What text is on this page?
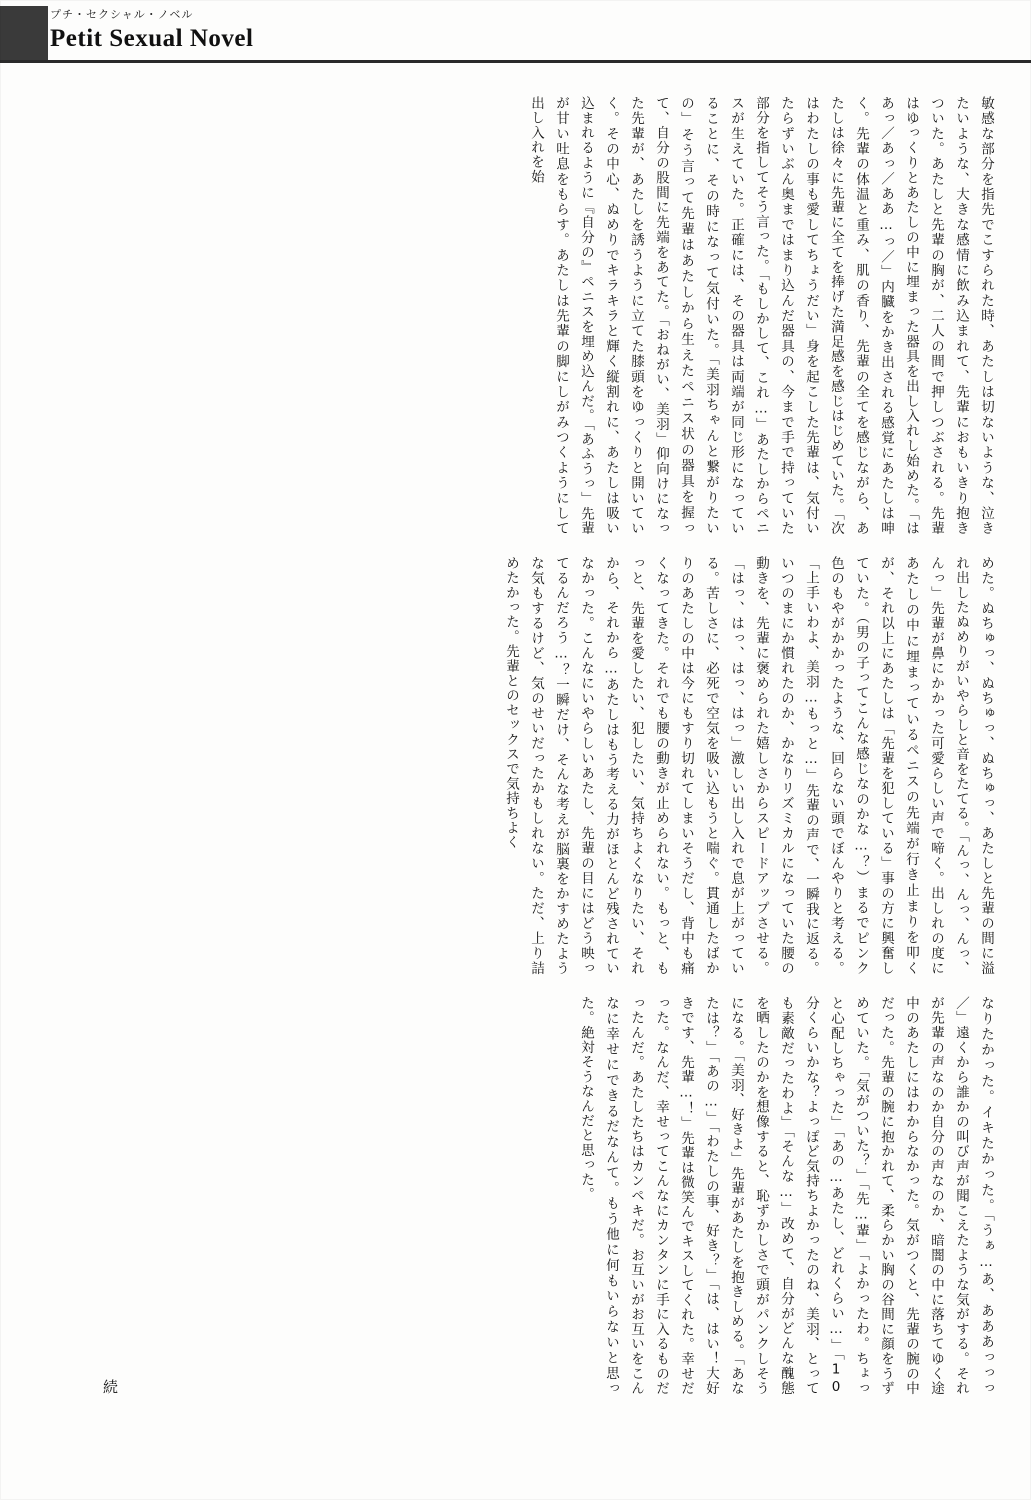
プチ・セクシャル・ノベル
Petit Sexual Novel
敏感な部分を指先でこすられた時、あたしは切ないような、泣きたいような、大きな感情に飲み込まれて、先輩におもいきり抱きついた。あたしと先輩の胸が、二人の間で押しつぶされる。先輩はゆっくりとあたしの中に埋まった器具を出し入れし始めた。「はあっ／あっ／ああ…っ／」内臓をかき出される感覚にあたしは呻く。先輩の体温と重み、肌の香り、先輩の全てを感じながら、あたしは徐々に先輩に全てを捧げた満足感を感じはじめていた。「次はわたしの事も愛してちょうだい」身を起こした先輩は、気付いたらずいぶん奥まではまり込んだ器具の、今まで手で持っていた部分を指してそう言った。「もしかして、これ…」あたしからペニスが生えていた。正確には、その器具は両端が同じ形になっていることに、その時になって気付いた。「美羽ちゃんと繋がりたいの」そう言って先輩はあたしから生えたペニス状の器具を握って、自分の股間に先端をあてた。「おねがい、美羽」仰向けになった先輩が、あたしを誘うように立てた膝頭をゆっくりと開いていく。その中心、ぬめりでキラキラと輝く縦割れに、あたしは吸い込まれるように『自分の』ペニスを埋め込んだ。「あふうっ」先輩が甘い吐息をもらす。あたしは先輩の脚にしがみつくようにして出し入れを始
めた。ぬちゅっ、ぬちゅっ、ぬちゅっ、あたしと先輩の間に溢れ出したぬめりがいやらしと音をたてる。「んっ、んっ、んっ、んっ」先輩が鼻にかかった可愛らしい声で啼く。出しれの度にあたしの中に埋まっているペニスの先端が行き止まりを叩くが、それ以上にあたしは「先輩を犯している」事の方に興奮していた。（男の子ってこんな感じなのかな…？）まるでピンク色のもやがかかったような、回らない頭でぼんやりと考える。「上手いわよ、美羽…もっと…」先輩の声で、一瞬我に返る。いつのまにか慣れたのか、かなりリズミカルになっていた腰の動きを、先輩に褒められた嬉しさからスピードアップさせる。「はっ、はっ、はっ、はっ」激しい出し入れで息が上がっている。苦しさに、必死で空気を吸い込もうと喘ぐ。貫通したばかりのあたしの中は今にもすり切れてしまいそうだし、背中も痛くなってきた。それでも腰の動きが止められない。もっと、もっと、先輩を愛したい、犯したい、気持ちよくなりたい、それから、それから…あたしはもう考える力がほとんど残されていなかった。こんなにいやらしいあたし、先輩の目にはどう映ってるんだろう…？一瞬だけ、そんな考えが脳裏をかすめたような気もするけど、気のせいだったかもしれない。ただ、上り詰めたかった。先輩とのセックスで気持ちよく
なりたかった。イキたかった。「うぁ…あ、あああっっっ／」遠くから誰かの叫び声が聞こえたような気がする。それが先輩の声なのか自分の声なのか、暗闇の中に落ちてゆく途中のあたしにはわからなかった。気がつくと、先輩の腕の中だった。先輩の腕に抱かれて、柔らかい胸の谷間に顔をうずめていた。「気がついた？」「先…輩」「よかったわ。ちょっと心配しちゃった」「あの…あたし、どれくらい…」「10分くらいかな？よっぽど気持ちよかったのね、美羽、とっても素敵だったわよ」「そんな…」改めて、自分がどんな醜態を晒したのかを想像すると、恥ずかしさで頭がパンクしそうになる。「美羽、好きよ」先輩があたしを抱きしめる。「あなたは？」「あの…」「わたしの事、好き？」「は、はい！大好きです、先輩…！」先輩は微笑んでキスしてくれた。幸せだった。なんだ、幸せってこんなにカンタンに手に入るものだったんだ。あたしたちはカンペキだ。お互いがお互いをこんなに幸せにできるだなんて。もう他に何もいらないと思った。絶対そうなんだと思った。
続
